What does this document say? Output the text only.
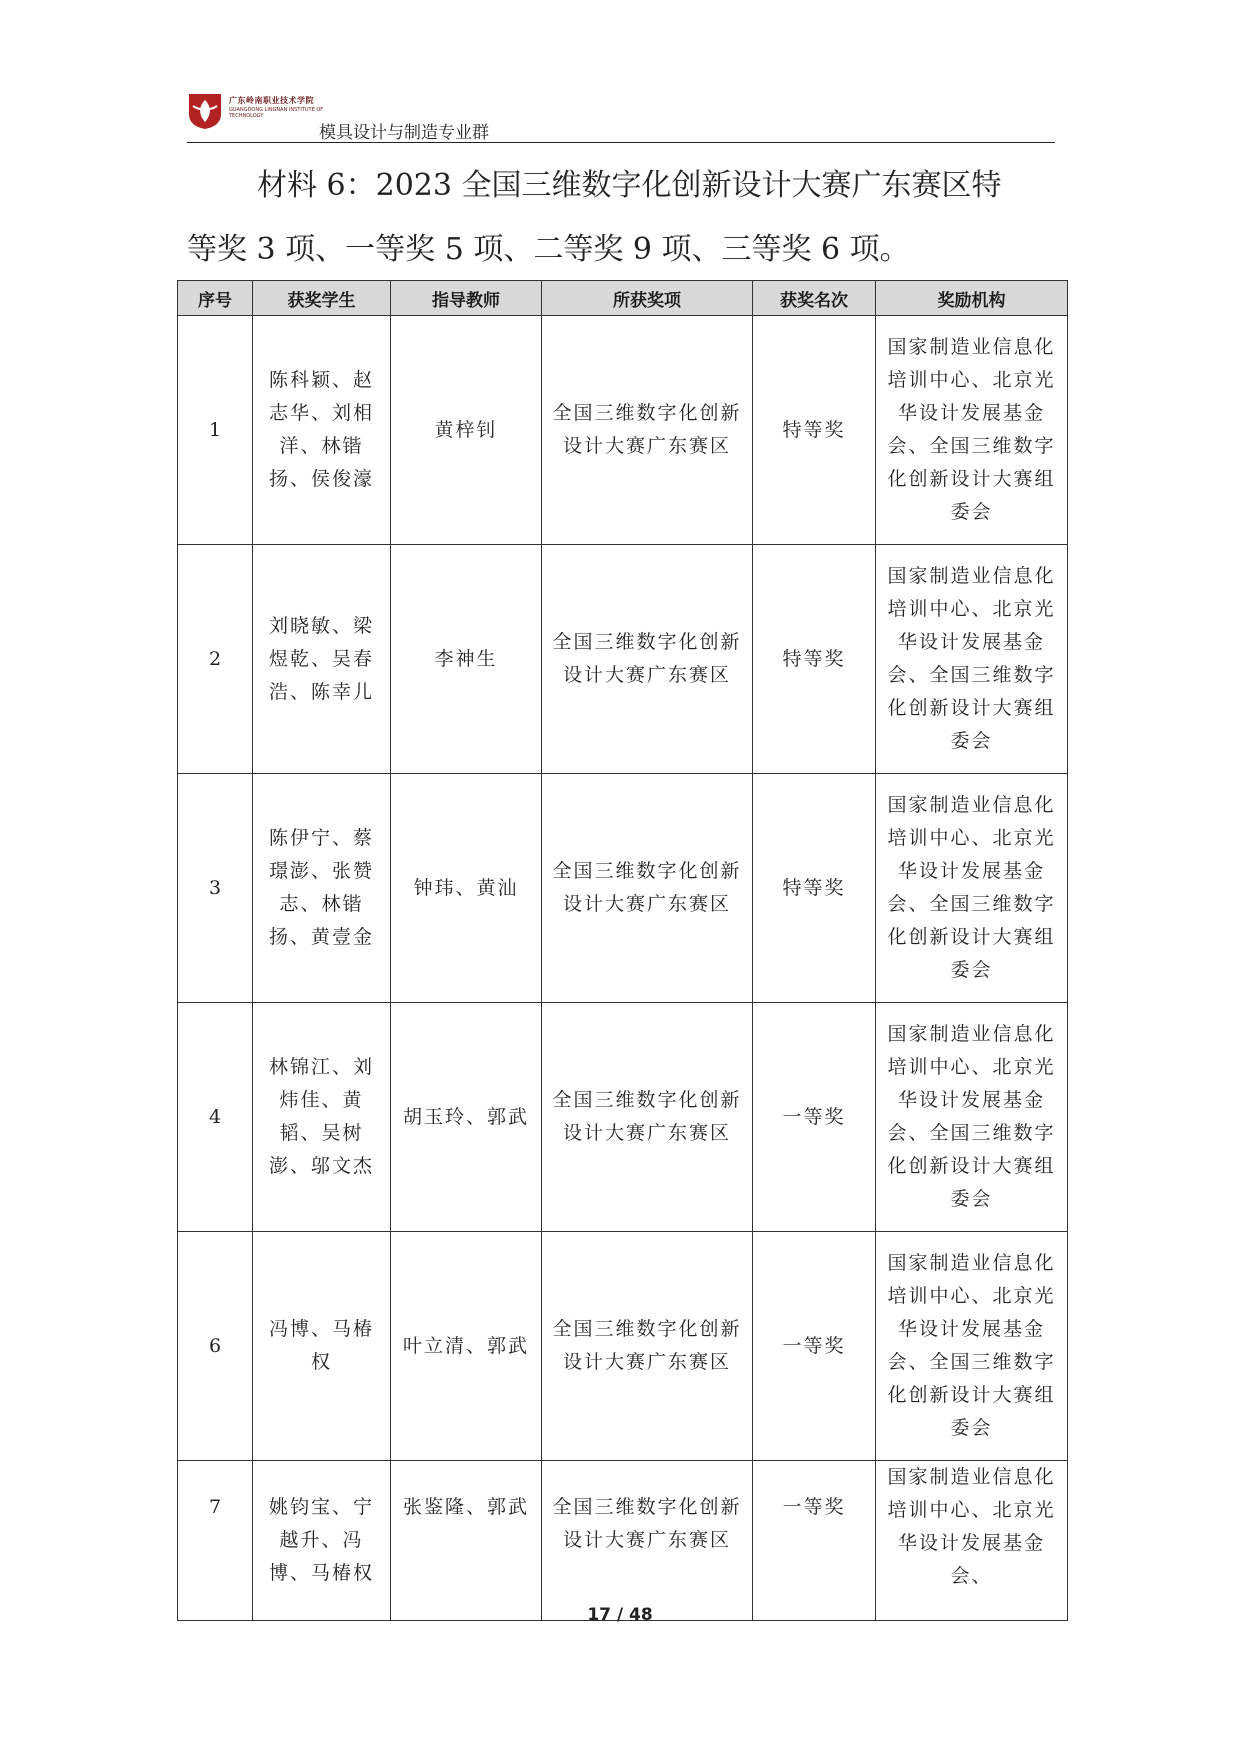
广东岭南职业技术学院
GUANGDONG LINGNAN INSTITUTE OF TECHNOLOGY
模具设计与制造专业群
材料 6：2023 全国三维数字化创新设计大赛广东赛区特
等奖 3 项、一等奖 5 项、二等奖 9 项、三等奖 6 项。
序号	获奖学生	指导教师	所获奖项	获奖名次	奖励机构
1	陈科颖、赵志华、刘相洋、林锴扬、侯俊濠	黄梓钊	全国三维数字化创新设计大赛广东赛区	特等奖	国家制造业信息化培训中心、北京光华设计发展基金会、全国三维数字化创新设计大赛组委会
2	刘晓敏、梁煜乾、吴春浩、陈幸儿	李神生	全国三维数字化创新设计大赛广东赛区	特等奖	国家制造业信息化培训中心、北京光华设计发展基金会、全国三维数字化创新设计大赛组委会
3	陈伊宁、蔡璟澎、张赞志、林锴扬、黄壹金	钟玮、黄汕	全国三维数字化创新设计大赛广东赛区	特等奖	国家制造业信息化培训中心、北京光华设计发展基金会、全国三维数字化创新设计大赛组委会
4	林锦江、刘炜佳、黄韬、吴树澎、邬文杰	胡玉玲、郭武	全国三维数字化创新设计大赛广东赛区	一等奖	国家制造业信息化培训中心、北京光华设计发展基金会、全国三维数字化创新设计大赛组委会
6	冯博、马椿权	叶立清、郭武	全国三维数字化创新设计大赛广东赛区	一等奖	国家制造业信息化培训中心、北京光华设计发展基金会、全国三维数字化创新设计大赛组委会
7	姚钧宝、宁越升、冯博、马椿权	张鉴隆、郭武	全国三维数字化创新设计大赛广东赛区	一等奖	国家制造业信息化培训中心、北京光华设计发展基金会、
17 / 48
